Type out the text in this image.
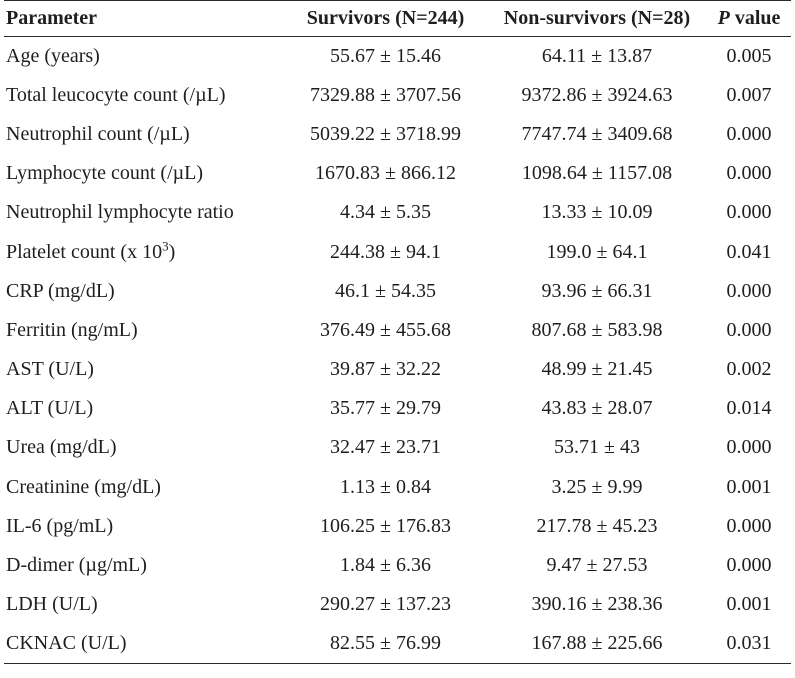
Parameter	Survivors (N=244)	Non-survivors (N=28)	P value
Age (years)	55.67 ± 15.46	64.11 ± 13.87	0.005
Total leucocyte count (/µL)	7329.88 ± 3707.56	9372.86 ± 3924.63	0.007
Neutrophil count (/µL)	5039.22 ± 3718.99	7747.74 ± 3409.68	0.000
Lymphocyte count (/µL)	1670.83 ± 866.12	1098.64 ± 1157.08	0.000
Neutrophil lymphocyte ratio	4.34 ± 5.35	13.33 ± 10.09	0.000
Platelet count (x $10^3$)	244.38 ± 94.1	199.0 ± 64.1	0.041
CRP (mg/dL)	46.1 ± 54.35	93.96 ± 66.31	0.000
Ferritin (ng/mL)	376.49 ± 455.68	807.68 ± 583.98	0.000
AST (U/L)	39.87 ± 32.22	48.99 ± 21.45	0.002
ALT (U/L)	35.77 ± 29.79	43.83 ± 28.07	0.014
Urea (mg/dL)	32.47 ± 23.71	53.71 ± 43	0.000
Creatinine (mg/dL)	1.13 ± 0.84	3.25 ± 9.99	0.001
IL-6 (pg/mL)	106.25 ± 176.83	217.78 ± 45.23	0.000
D-dimer (µg/mL)	1.84 ± 6.36	9.47 ± 27.53	0.000
LDH (U/L)	290.27 ± 137.23	390.16 ± 238.36	0.001
CKNAC (U/L)	82.55 ± 76.99	167.88 ± 225.66	0.031
